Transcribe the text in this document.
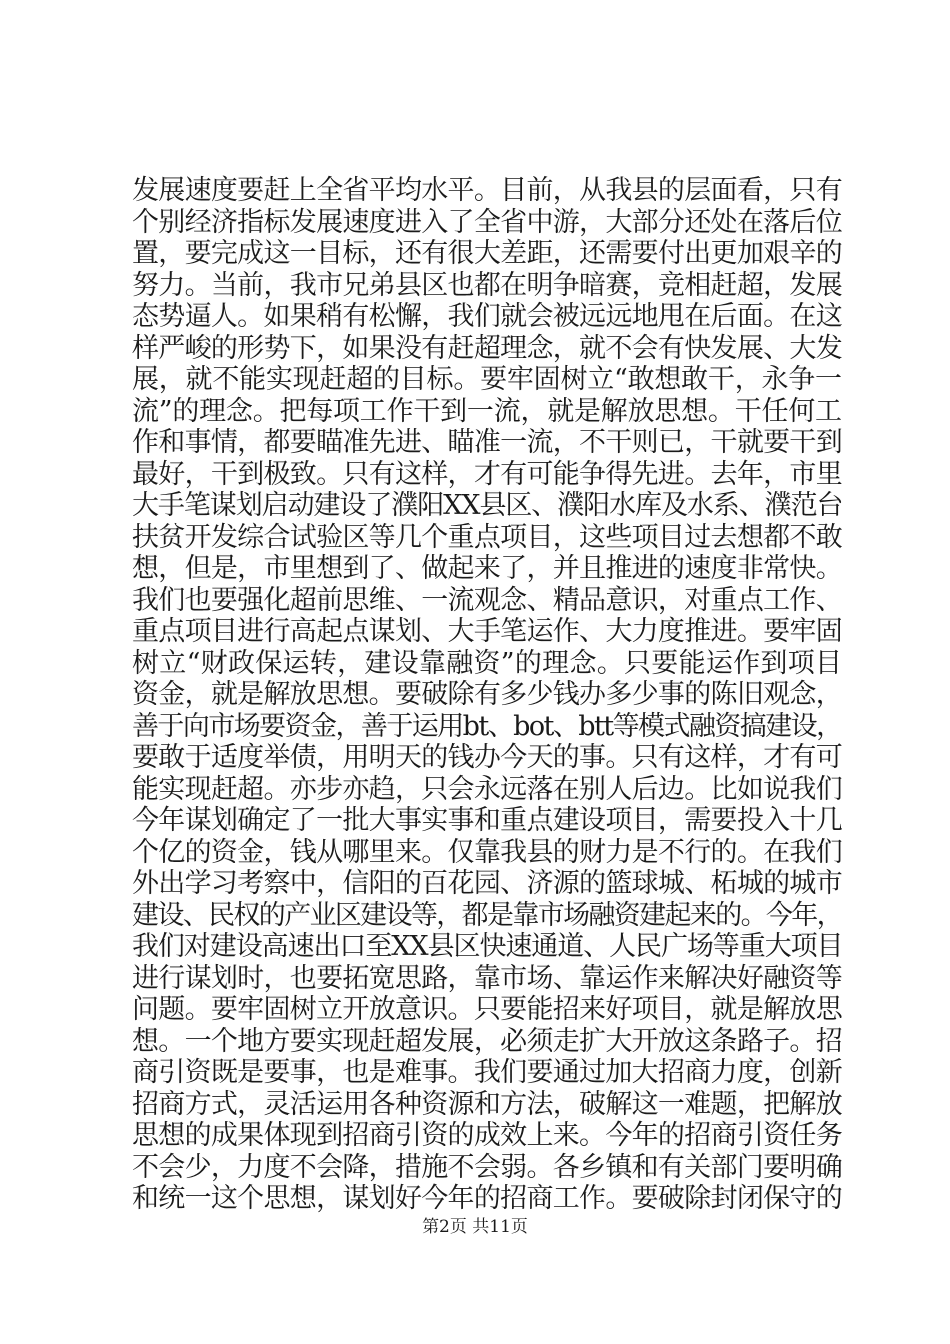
发展速度要赶上全省平均水平。目前，从我县的层面看，只有
个别经济指标发展速度进入了全省中游，大部分还处在落后位
置，要完成这一目标，还有很大差距，还需要付出更加艰辛的
努力。当前，我市兄弟县区也都在明争暗赛，竞相赶超，发展
态势逼人。如果稍有松懈，我们就会被远远地甩在后面。在这
样严峻的形势下，如果没有赶超理念，就不会有快发展、大发
展，就不能实现赶超的目标。要牢固树立“敢想敢干，永争一
流”的理念。把每项工作干到一流，就是解放思想。干任何工
作和事情，都要瞄准先进、瞄准一流，不干则已，干就要干到
最好，干到极致。只有这样，才有可能争得先进。去年，市里
大手笔谋划启动建设了濮阳XX县区、濮阳水库及水系、濮范台
扶贫开发综合试验区等几个重点项目，这些项目过去想都不敢
想，但是，市里想到了、做起来了，并且推进的速度非常快。
我们也要强化超前思维、一流观念、精品意识，对重点工作、
重点项目进行高起点谋划、大手笔运作、大力度推进。要牢固
树立“财政保运转，建设靠融资”的理念。只要能运作到项目
资金，就是解放思想。要破除有多少钱办多少事的陈旧观念，
善于向市场要资金，善于运用bt、bot、btt等模式融资搞建设，
要敢于适度举债，用明天的钱办今天的事。只有这样，才有可
能实现赶超。亦步亦趋，只会永远落在别人后边。比如说我们
今年谋划确定了一批大事实事和重点建设项目，需要投入十几
个亿的资金，钱从哪里来。仅靠我县的财力是不行的。在我们
外出学习考察中，信阳的百花园、济源的篮球城、柘城的城市
建设、民权的产业区建设等，都是靠市场融资建起来的。今年，
我们对建设高速出口至XX县区快速通道、人民广场等重大项目
进行谋划时，也要拓宽思路，靠市场、靠运作来解决好融资等
问题。要牢固树立开放意识。只要能招来好项目，就是解放思
想。一个地方要实现赶超发展，必须走扩大开放这条路子。招
商引资既是要事，也是难事。我们要通过加大招商力度，创新
招商方式，灵活运用各种资源和方法，破解这一难题，把解放
思想的成果体现到招商引资的成效上来。今年的招商引资任务
不会少，力度不会降，措施不会弱。各乡镇和有关部门要明确
和统一这个思想，谋划好今年的招商工作。要破除封闭保守的
第2页 共11页
